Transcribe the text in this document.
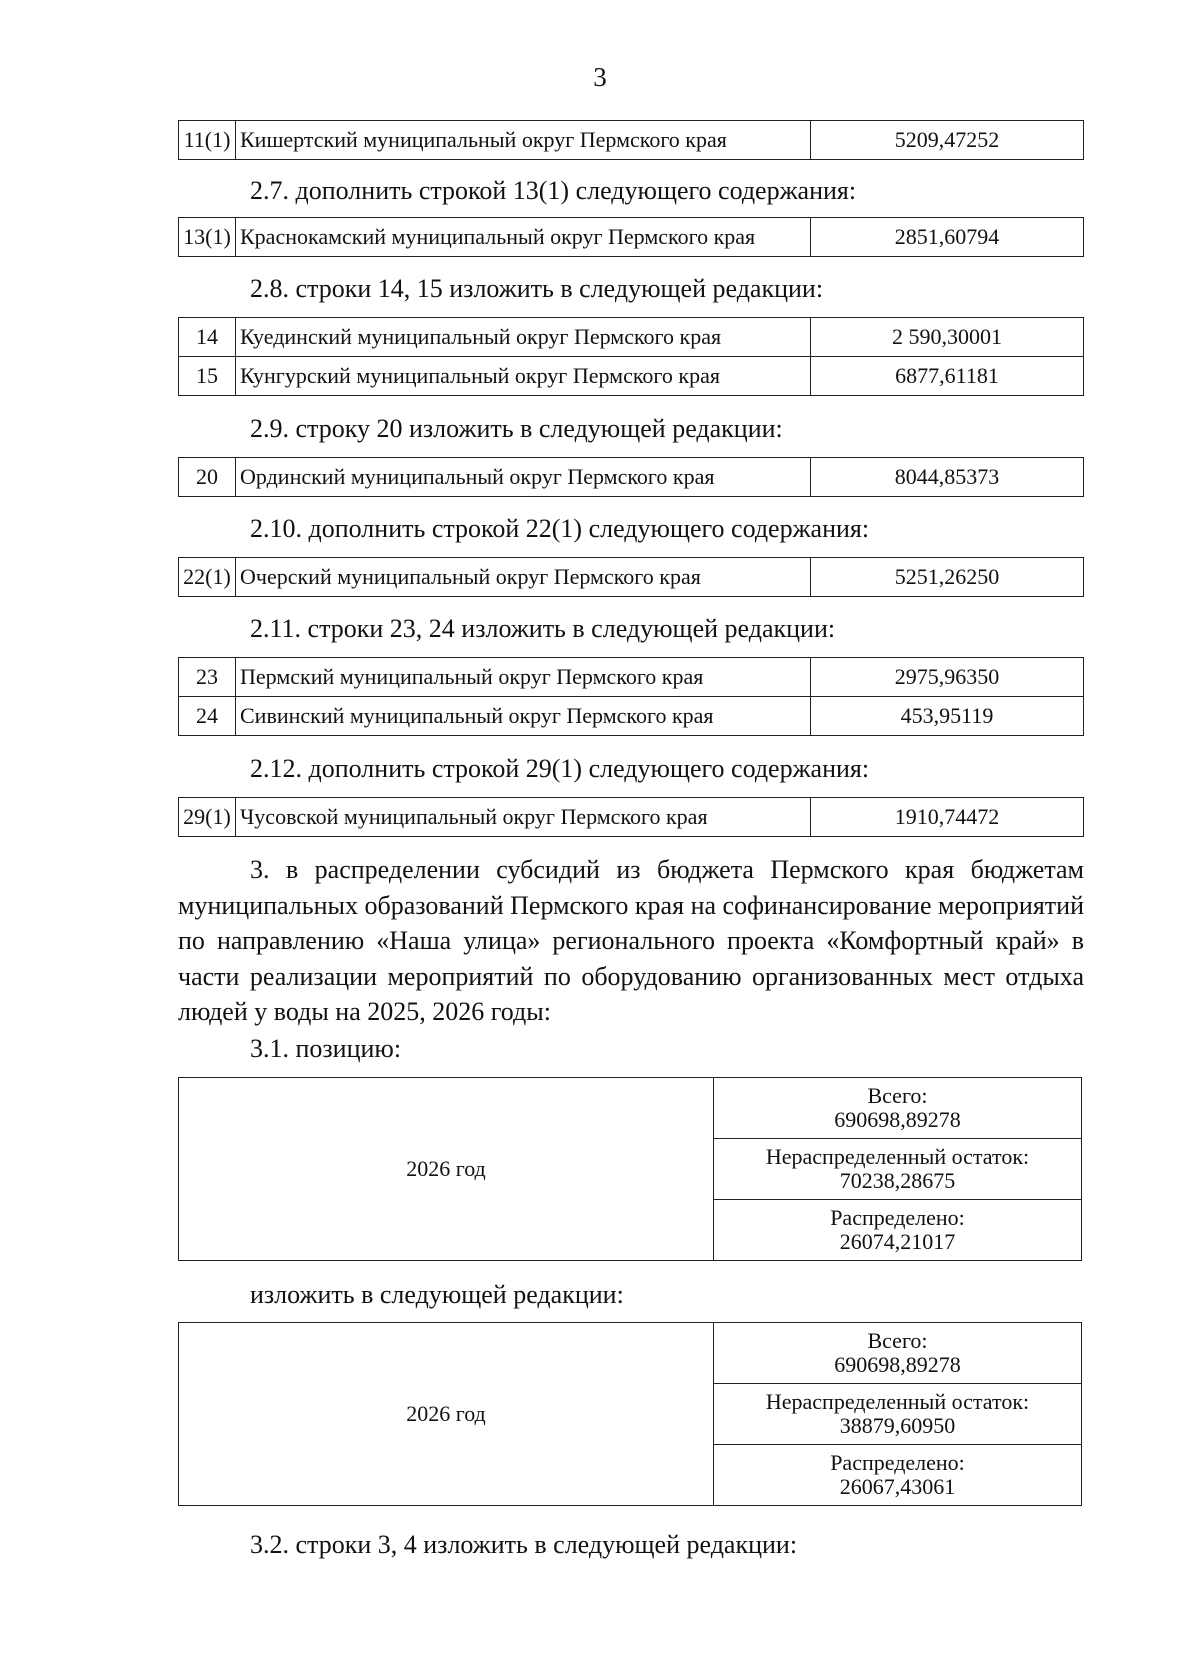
3
11(1)	Кишертский муниципальный округ Пермского края	5209,47252
2.7. дополнить строкой 13(1) следующего содержания:
13(1)	Краснокамский муниципальный округ Пермского края	2851,60794
2.8. строки 14, 15 изложить в следующей редакции:
14	Куединский муниципальный округ Пермского края	2 590,30001
15	Кунгурский муниципальный округ Пермского края	6877,61181
2.9. строку 20 изложить в следующей редакции:
20	Ординский муниципальный округ Пермского края	8044,85373
2.10. дополнить строкой 22(1) следующего содержания:
22(1)	Очерский муниципальный округ Пермского края	5251,26250
2.11. строки 23, 24 изложить в следующей редакции:
23	Пермский муниципальный округ Пермского края	2975,96350
24	Сивинский муниципальный округ Пермского края	453,95119
2.12. дополнить строкой 29(1) следующего содержания:
29(1)	Чусовской муниципальный округ Пермского края	1910,74472
3. в распределении субсидий из бюджета Пермского края бюджетам муниципальных образований Пермского края на софинансирование мероприятий по направлению «Наша улица» регионального проекта «Комфортный край» в части реализации мероприятий по оборудованию организованных мест отдыха людей у воды на 2025, 2026 годы:
3.1. позицию:
2026 год	Всего:
690698,89278
Нераспределенный остаток:
70238,28675
Распределено:
26074,21017
изложить в следующей редакции:
2026 год	Всего:
690698,89278
Нераспределенный остаток:
38879,60950
Распределено:
26067,43061
3.2. строки 3, 4 изложить в следующей редакции:
